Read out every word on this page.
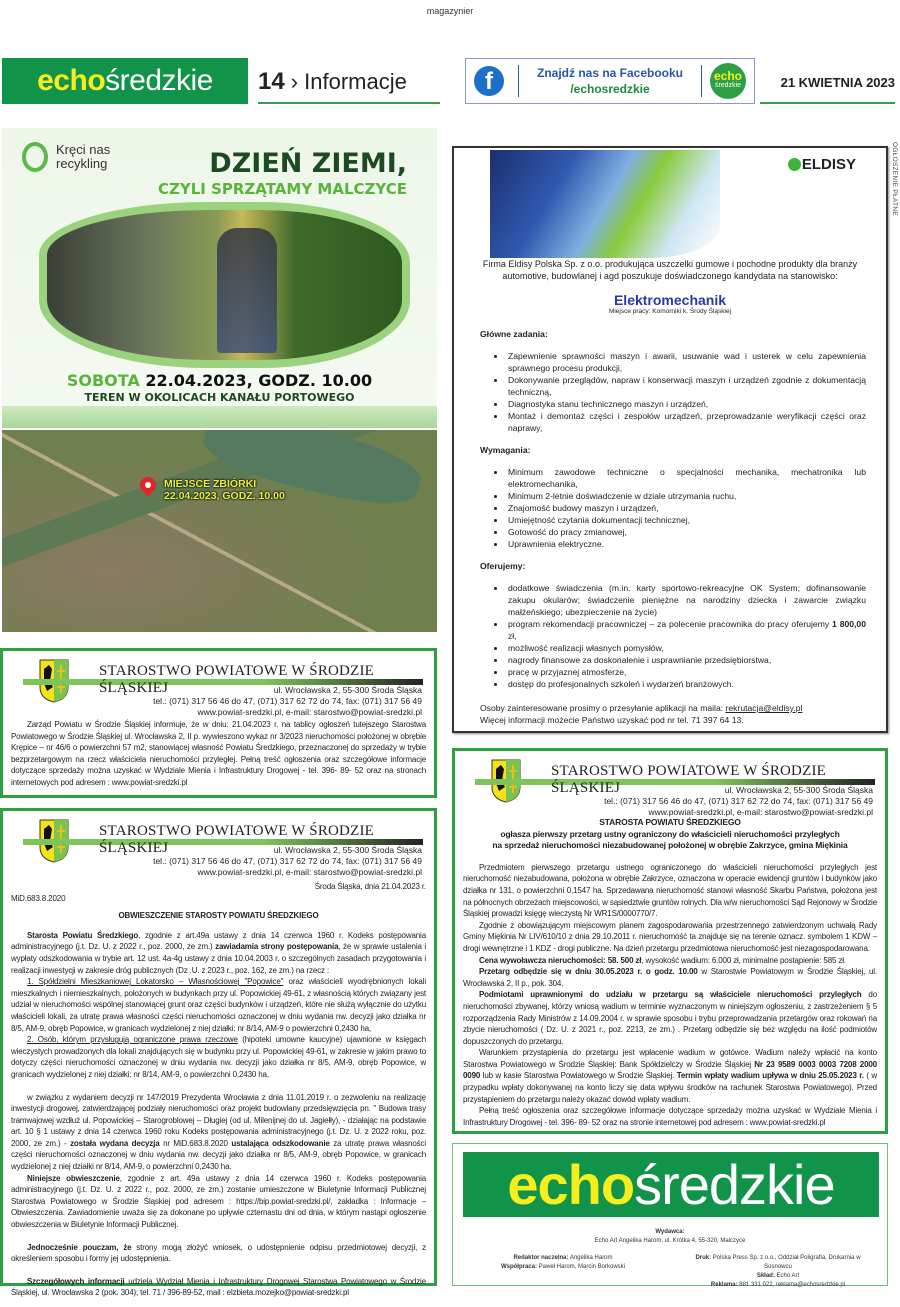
magazynier
echo średzkie 14 › Informacje	f	Znajdź nas na Facebooku
/echosredzkie
echo
średzkie	21 KWIETNIA 2023
Kręci nas
recykling	DZIEŃ ZIEMI,
CZYLI SPRZĄTAMY MALCZYCE
SOBOTA 22.04.2023, GODZ. 10.00
TEREN W OKOLICACH KANAŁU PORTOWEGO
MIEJSCE ZBIÓRKI
22.04.2023, GODZ. 10.00
STAROSTWO POWIATOWE W ŚRODZIE ŚLĄSKIEJ	ul. Wrocławska 2, 55-300 Środa Śląska
tel.: (071) 317 56 46 do 47, (071) 317 62 72 do 74, fax: (071) 317 56 49
www.powiat-sredzki.pl, e-mail: starostwo@powiat-sredzki.pl

Zarząd Powiatu w Środzie Śląskiej informuje, że w dniu: 21.04.2023 r. na tablicy ogłoszeń tutejszego Starostwa Powiatowego w Środzie Śląskiej ul. Wrocławska 2, II p. wywieszono wykaz nr 3/2023 nieruchomości położonej w obrębie Krępice – nr 46/6 o powierzchni 57 m2, stanowiącej własność Powiatu Średzkiego, przeznaczonej do sprzedaży w trybie bezprzetargowym na rzecz właściciela nieruchomości przyległej. Pełną treść ogłoszenia oraz szczegółowe informacje dotyczące sprzedaży można uzyskać w Wydziale Mienia i Infrastruktury Drogowej - tel. 396- 89- 52 oraz na stronach internetowych pod adresem : www.powiat-sredzki.pl

STAROSTWO POWIATOWE W ŚRODZIE ŚLĄSKIEJ	ul. Wrocławska 2, 55-300 Środa Śląska
tel.: (071) 317 56 46 do 47, (071) 317 62 72 do 74, fax: (071) 317 56 49
www.powiat-sredzki.pl, e-mail: starostwo@powiat-sredzki.pl
Środa Śląska, dnia 21.04.2023 r.
MiD.683.8.2020
OBWIESZCZENIE STAROSTY POWIATU ŚREDZKIEGO

Starosta Powiatu Średzkiego, zgodnie z art.49a ustawy z dnia 14 czerwca 1960 r. Kodeks postępowania administracyjnego (j.t. Dz. U. z 2022 r., poz. 2000, ze zm.) zawiadamia strony postępowania, że w sprawie ustalenia i wypłaty odszkodowania w trybie art. 12 ust. 4a-4g ustawy z dnia 10.04.2003 r. o szczególnych zasadach przygotowania i realizacji inwestycji w zakresie dróg publicznych (Dz .U. z 2023 r., poz. 162, ze zm.) na rzecz :

1. Spółdzielni Mieszkaniowej Lokatorsko – Własnościowej "Popowice" oraz właścicieli wyodrębnionych lokali mieszkalnych i niemieszkalnych, położonych w budynkach przy ul. Popowickiej 49-61, z własnością których związany jest udział w nieruchomości wspólnej stanowiącej grunt oraz części budynków i urządzeń, które nie służą wyłącznie do użytku właścicieli lokali, za utratę prawa własności części nieruchomości oznaczonej w dniu wydania nw. decyzji jako działka nr 8/5, AM-9, obręb Popowice, w granicach wydzielonej z niej działki: nr 8/14, AM-9 o powierzchni 0,2430 ha,

2. Osób, którym przysługują ograniczone prawa rzeczowe (hipoteki umowne kaucyjne) ujawnione w księgach wieczystych prowadzonych dla lokali znajdujących się w budynku przy ul. Popowickiej 49-61, w zakresie w jakim prawo to dotyczy części nieruchomości oznaczonej w dniu wydania nw. decyzji jako działka nr 8/5, AM-9, obręb Popowice, w granicach wydzielonej z niej działki: nr 8/14, AM-9, o powierzchni 0,2430 ha,

w związku z wydaniem decyzji nr 147/2019 Prezydenta Wrocławia z dnia 11.01.2019 r. o zezwoleniu na realizację inwestycji drogowej, zatwierdzającej podziały nieruchomości oraz projekt budowlany przedsięwzięcia pn. " Budowa trasy tramwajowej wzdłuż ul. Popowickiej – Starogroblowej – Długiej (od ul. Milenijnej do ul. Jagiełły), - działając na podstawie art. 10 § 1 ustawy z dnia 14 czerwca 1960 roku Kodeks postępowania administracyjnego (j.t. Dz. U. z 2022 roku, poz. 2000, ze zm.) - została wydana decyzja nr MiD.683.8.2020 ustalająca odszkodowanie za utratę prawa własności części nieruchomości oznaczonej w dniu wydania nw. decyzji jako działka nr 8/5, AM-9, obręb Popowice, w granicach wydzielonej z niej działki nr 8/14, AM-9, o powierzchni 0,2430 ha.

Niniejsze obwieszczenie, zgodnie z art. 49a ustawy z dnia 14 czerwca 1960 r. Kodeks postępowania administracyjnego (j.t. Dz. U. z 2022 r., poz. 2000, ze zm.) zostanie umieszczone w Biuletynie Informacji Publicznej Starostwa Powiatowego w Środzie Śląskiej pod adresem : https://bip.powiat-sredzki.pl/, zakładka : Informacje – Obwieszczenia. Zawiadomienie uważa się za dokonane po upływie czternastu dni od dnia, w którym nastąpi ogłoszenie obwieszczenia w Biuletynie Informacji Publicznej.

Jednocześnie pouczam, że strony mogą złożyć wniosek, o udostępnienie odpisu przedmiotowej decyzji, z określeniem sposobu i formy jej udostępnienia.

Szczegółowych informacji udziela Wydział Mienia i Infrastruktury Drogowej Starostwa Powiatowego w Środzie Śląskiej, ul. Wrocławska 2 (pok. 304); tel. 71 / 396-89-52, mail : elzbieta.mozejko@powiat-sredzki.pl

ELDISY
Firma Eldisy Polska Sp. z o.o. produkująca uszczelki gumowe i pochodne produkty dla branży automotive, budowlanej i agd poszukuje doświadczonego kandydata na stanowisko:
Elektromechanik
Miejsce pracy: Komorniki k. Środy Śląskiej
Główne zadania:
• Zapewnienie sprawności maszyn i awarii, usuwanie wad i usterek w celu zapewnienia sprawnego procesu produkcji,
• Dokonywanie przeglądów, napraw i konserwacji maszyn i urządzeń zgodnie z dokumentacją techniczną,
• Diagnostyka stanu technicznego maszyn i urządzeń,
• Montaż i demontaż części i zespołów urządzeń, przeprowadzanie weryfikacji części oraz naprawy,
Wymagania:
• Minimum zawodowe techniczne o specjalności mechanika, mechatronika lub elektromechanika,
• Minimum 2-letnie doświadczenie w dziale utrzymania ruchu,
• Znajomość budowy maszyn i urządzeń,
• Umiejętność czytania dokumentacji technicznej,
• Gotowość do pracy zmianowej,
• Uprawnienia elektryczne.
Oferujemy:
• dodatkowe świadczenia (m.in. karty sportowo-rekreacyjne OK System; dofinansowanie zakupu okularów; świadczenie pieniężne na narodziny dziecka i zawarcie związku małżeńskiego; ubezpieczenie na życie)
• program rekomendacji pracowniczej – za polecenie pracownika do pracy oferujemy 1 800,00 zł,
• możliwość realizacji własnych pomysłów,
• nagrody finansowe za doskonalenie i usprawnianie przedsiębiorstwa,
• pracę w przyjaznej atmosferze,
• dostęp do profesjonalnych szkoleń i wydarzeń branżowych.
Osoby zainteresowane prosimy o przesyłanie aplikacji na maila: rekrutacja@eldisy.pl
Więcej informacji możecie Państwo uzyskać pod nr tel. 71 397 64 13.
OGŁOSZENIE PŁATNE
STAROSTWO POWIATOWE W ŚRODZIE ŚLĄSKIEJ	ul. Wrocławska 2, 55-300 Środa Śląska
tel.: (071) 317 56 46 do 47, (071) 317 62 72 do 74, fax: (071) 317 56 49
www.powiat-sredzki.pl, e-mail: starostwo@powiat-sredzki.pl
STAROSTA POWIATU ŚREDZKIEGO
ogłasza pierwszy przetarg ustny ograniczony do właścicieli nieruchomości przyległych
na sprzedaż nieruchomości niezabudowanej położonej w obrębie Zakrzyce, gmina Miękinia

Przedmiotem pierwszego przetargu ustnego ograniczonego do właścicieli nieruchomości przyległych jest nieruchomość niezabudowana, położona w obrębie Zakrzyce, oznaczona w operacie ewidencji gruntów i budynków jako działka nr 131, o powierzchni 0,1547 ha. Sprzedawana nieruchomość stanowi własność Skarbu Państwa, położona jest na północnych obrzeżach miejscowości, w sąsiedztwie gruntów rolnych. Dla w/w nieruchomości Sąd Rejonowy w Środzie Śląskiej prowadzi księgę wieczystą Nr WR1S/0000770/7.

Zgodnie z obowiązującym miejscowym planem zagospodarowania przestrzennego zatwierdzonym uchwałą Rady Gminy Miękinia Nr LIV/610/10 z dnia 29.10.2011 r. nieruchomość ta znajduje się na terenie oznacz. symbolem 1 KDW – drogi wewnętrzne i 1 KDZ - drogi publiczne. Na dzień przetargu przedmiotowa nieruchomość jest niezagospodarowana.

Cena wywoławcza nieruchomości: 58. 500 zł, wysokość wadium: 6.000 zł, minimalne postąpienie: 585 zł.

Przetarg odbędzie się w dniu 30.05.2023 r. o godz. 10.00 w Starostwie Powiatowym w Środzie Śląskiej, ul. Wrocławska 2, II p., pok. 304.

Podmiotami uprawnionymi do udziału w przetargu są właściciele nieruchomości przyległych do nieruchomości zbywanej, którzy wniosą wadium w terminie wyznaczonym w niniejszym ogłoszeniu, z zastrzeżeniem § 5 rozporządzenia Rady Ministrów z 14.09.2004 r. w sprawie sposobu i trybu przeprowadzania przetargów oraz rokowań na zbycie nieruchomości ( Dz. U. z 2021 r., poz. 2213, ze zm.) . Przetarg odbędzie się bez względu na ilość podmiotów dopuszczonych do przetargu.

Warunkiem przystąpienia do przetargu jest wpłacenie wadium w gotówce. Wadium należy wpłacić na konto Starostwa Powiatowego w Środzie Śląskiej: Bank Spółdzielczy w Środzie Śląskiej Nr 23 9589 0003 0003 7208 2000 0090 lub w kasie Starostwa Powiatowego w Środzie Śląskiej. Termin wpłaty wadium upływa w dniu 25.05.2023 r. ( w przypadku wpłaty dokonywanej na konto liczy się data wpływu środków na rachunek Starostwa Powiatowego). Przed przystąpieniem do przetargu należy okazać dowód wpłaty wadium.

Pełną treść ogłoszenia oraz szczegółowe informacje dotyczące sprzedaży można uzyskać w Wydziale Mienia i Infrastruktury Drogowej - tel. 396- 89- 52 oraz na stronie internetowej pod adresem : www.powiat-sredzki.pl

echo średzkie
Wydawca:
Echo Art Angelika Harom, ul. Krótka 4, 55-320, Malczyce
Redaktor naczelna: Angelika Harom
Współpraca: Paweł Harom, Marcin Borkowski
Druk: Polska Press Sp. z o.o., Oddział Poligrafia, Drukarnia w Sosnowcu
Skład: Echo Art
Reklama: 881 331 022, reklama@echosredzkie.pl
